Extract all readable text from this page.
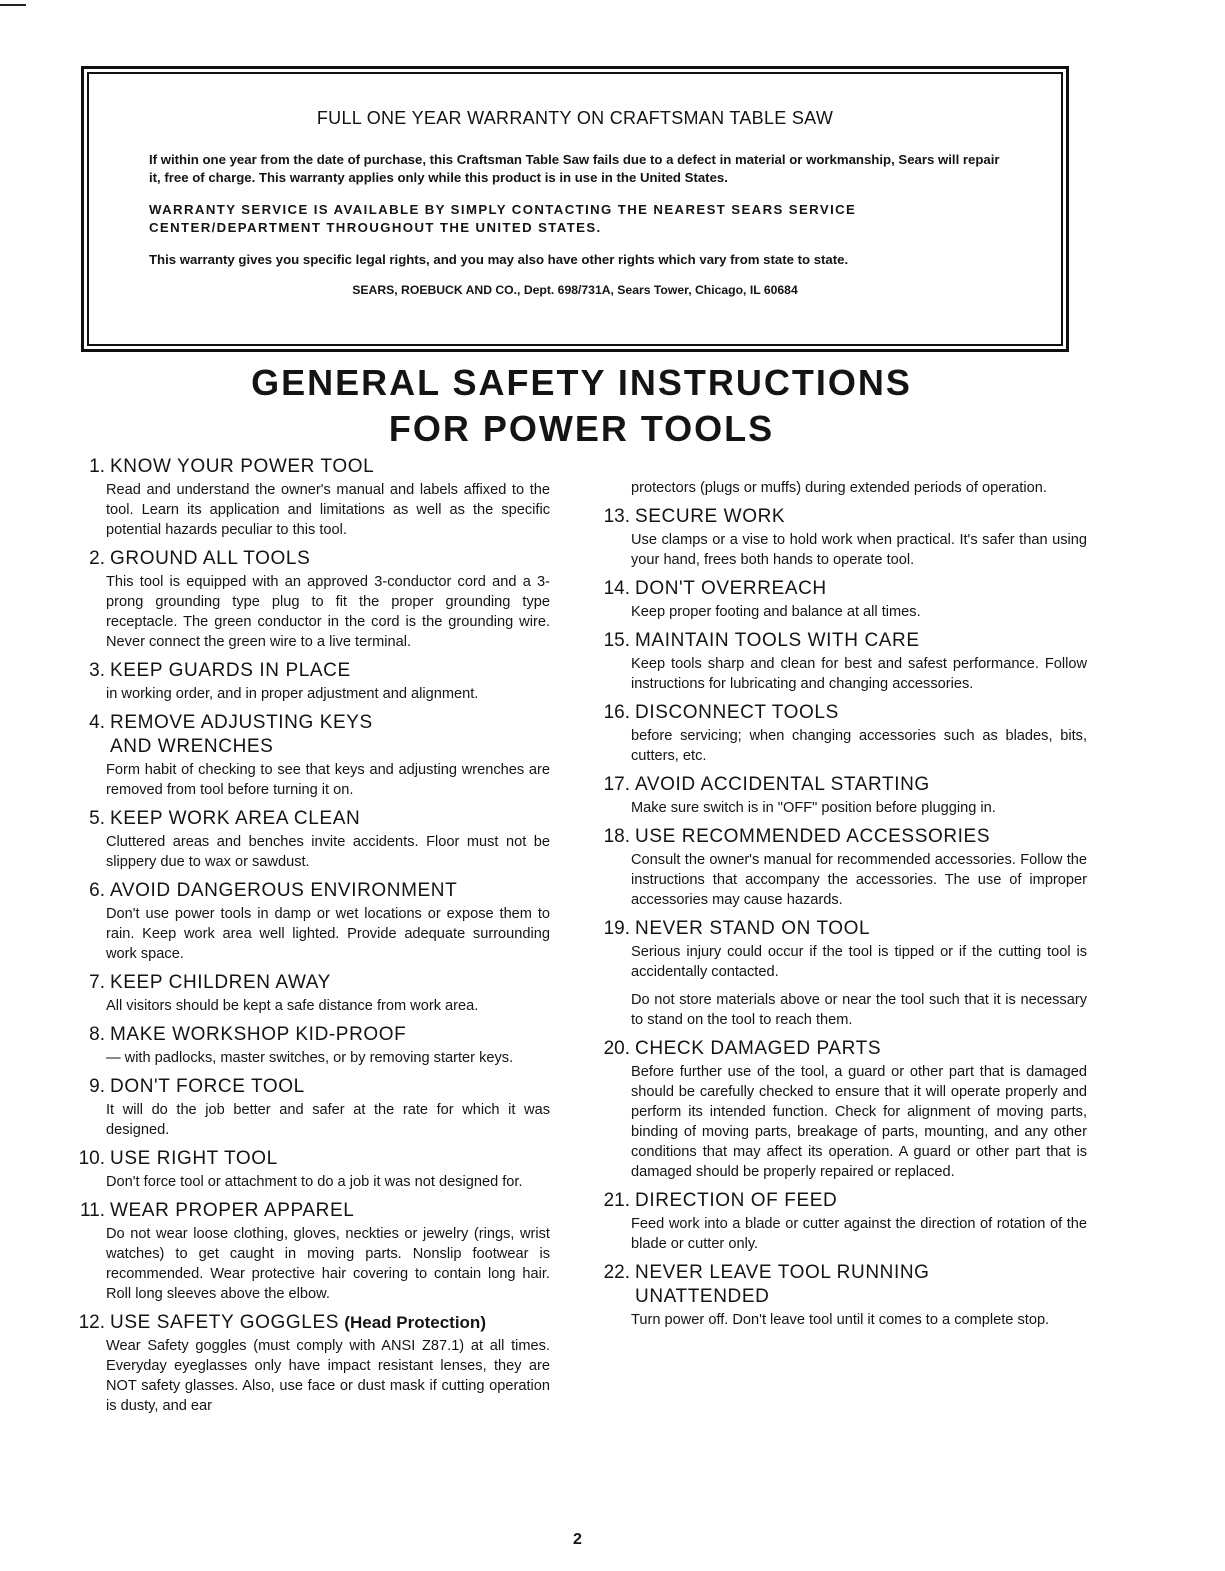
FULL ONE YEAR WARRANTY ON CRAFTSMAN TABLE SAW

If within one year from the date of purchase, this Craftsman Table Saw fails due to a defect in material or workmanship, Sears will repair it, free of charge. This warranty applies only while this product is in use in the United States.

WARRANTY SERVICE IS AVAILABLE BY SIMPLY CONTACTING THE NEAREST SEARS SERVICE CENTER/DEPARTMENT THROUGHOUT THE UNITED STATES.

This warranty gives you specific legal rights, and you may also have other rights which vary from state to state.

SEARS, ROEBUCK AND CO., Dept. 698/731A, Sears Tower, Chicago, IL 60684
GENERAL SAFETY INSTRUCTIONS
FOR POWER TOOLS
1. KNOW YOUR POWER TOOL

Read and understand the owner's manual and labels affixed to the tool. Learn its application and limitations as well as the specific potential hazards peculiar to this tool.

2. GROUND ALL TOOLS

This tool is equipped with an approved 3-conductor cord and a 3-prong grounding type plug to fit the proper grounding type receptacle. The green conductor in the cord is the grounding wire. Never connect the green wire to a live terminal.

3. KEEP GUARDS IN PLACE

in working order, and in proper adjustment and alignment.

4. REMOVE ADJUSTING KEYS
AND WRENCHES

Form habit of checking to see that keys and adjusting wrenches are removed from tool before turning it on.

5. KEEP WORK AREA CLEAN

Cluttered areas and benches invite accidents. Floor must not be slippery due to wax or sawdust.

6. AVOID DANGEROUS ENVIRONMENT

Don't use power tools in damp or wet locations or expose them to rain. Keep work area well lighted. Provide adequate surrounding work space.

7. KEEP CHILDREN AWAY

All visitors should be kept a safe distance from work area.

8. MAKE WORKSHOP KID-PROOF

— with padlocks, master switches, or by removing starter keys.

9. DON'T FORCE TOOL

It will do the job better and safer at the rate for which it was designed.

10. USE RIGHT TOOL

Don't force tool or attachment to do a job it was not designed for.

11. WEAR PROPER APPAREL

Do not wear loose clothing, gloves, neckties or jewelry (rings, wrist watches) to get caught in moving parts. Nonslip footwear is recommended. Wear protective hair covering to contain long hair. Roll long sleeves above the elbow.

12. USE SAFETY GOGGLES
(Head Protection)

Wear Safety goggles (must comply with ANSI Z87.1) at all times. Everyday eyeglasses only have impact resistant lenses, they are NOT safety glasses. Also, use face or dust mask if cutting operation is dusty, and ear

protectors (plugs or muffs) during extended periods of operation.

13. SECURE WORK

Use clamps or a vise to hold work when practical. It's safer than using your hand, frees both hands to operate tool.

14. DON'T OVERREACH

Keep proper footing and balance at all times.

15. MAINTAIN TOOLS WITH CARE

Keep tools sharp and clean for best and safest performance. Follow instructions for lubricating and changing accessories.

16. DISCONNECT TOOLS

before servicing; when changing accessories such as blades, bits, cutters, etc.

17. AVOID ACCIDENTAL STARTING

Make sure switch is in "OFF" position before plugging in.

18. USE RECOMMENDED ACCESSORIES

Consult the owner's manual for recommended accessories. Follow the instructions that accompany the accessories. The use of improper accessories may cause hazards.

19. NEVER STAND ON TOOL

Serious injury could occur if the tool is tipped or if the cutting tool is accidentally contacted.

Do not store materials above or near the tool such that it is necessary to stand on the tool to reach them.

20. CHECK DAMAGED PARTS

Before further use of the tool, a guard or other part that is damaged should be carefully checked to ensure that it will operate properly and perform its intended function. Check for alignment of moving parts, binding of moving parts, breakage of parts, mounting, and any other conditions that may affect its operation. A guard or other part that is damaged should be properly repaired or replaced.

21. DIRECTION OF FEED

Feed work into a blade or cutter against the direction of rotation of the blade or cutter only.

22. NEVER LEAVE TOOL RUNNING
UNATTENDED

Turn power off. Don't leave tool until it comes to a complete stop.

2
